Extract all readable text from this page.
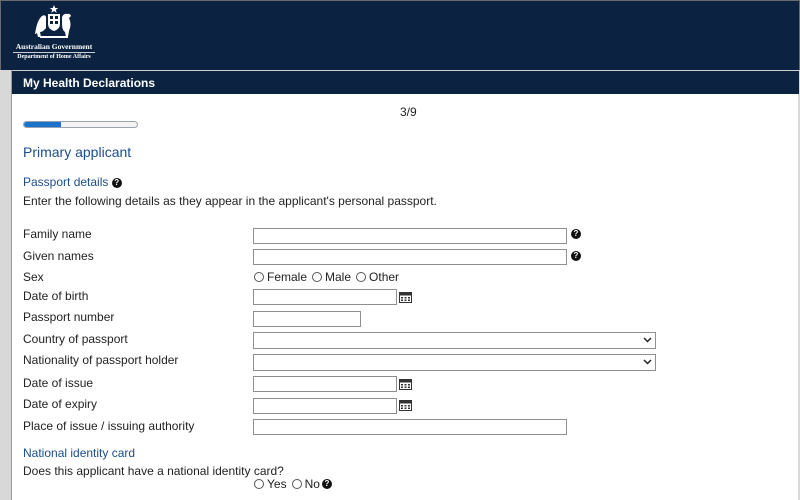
Australian Government
Department of Home Affairs
My Health Declarations
3/9
Primary applicant
Passport details ?
Enter the following details as they appear in the applicant's personal passport.
Family name	?
Given names	?
Sex	Female Male Other
Date of birth
Passport number
Country of passport
Nationality of passport holder
Date of issue
Date of expiry
Place of issue / issuing authority
National identity card
Does this applicant have a national identity card?
Yes No ?
